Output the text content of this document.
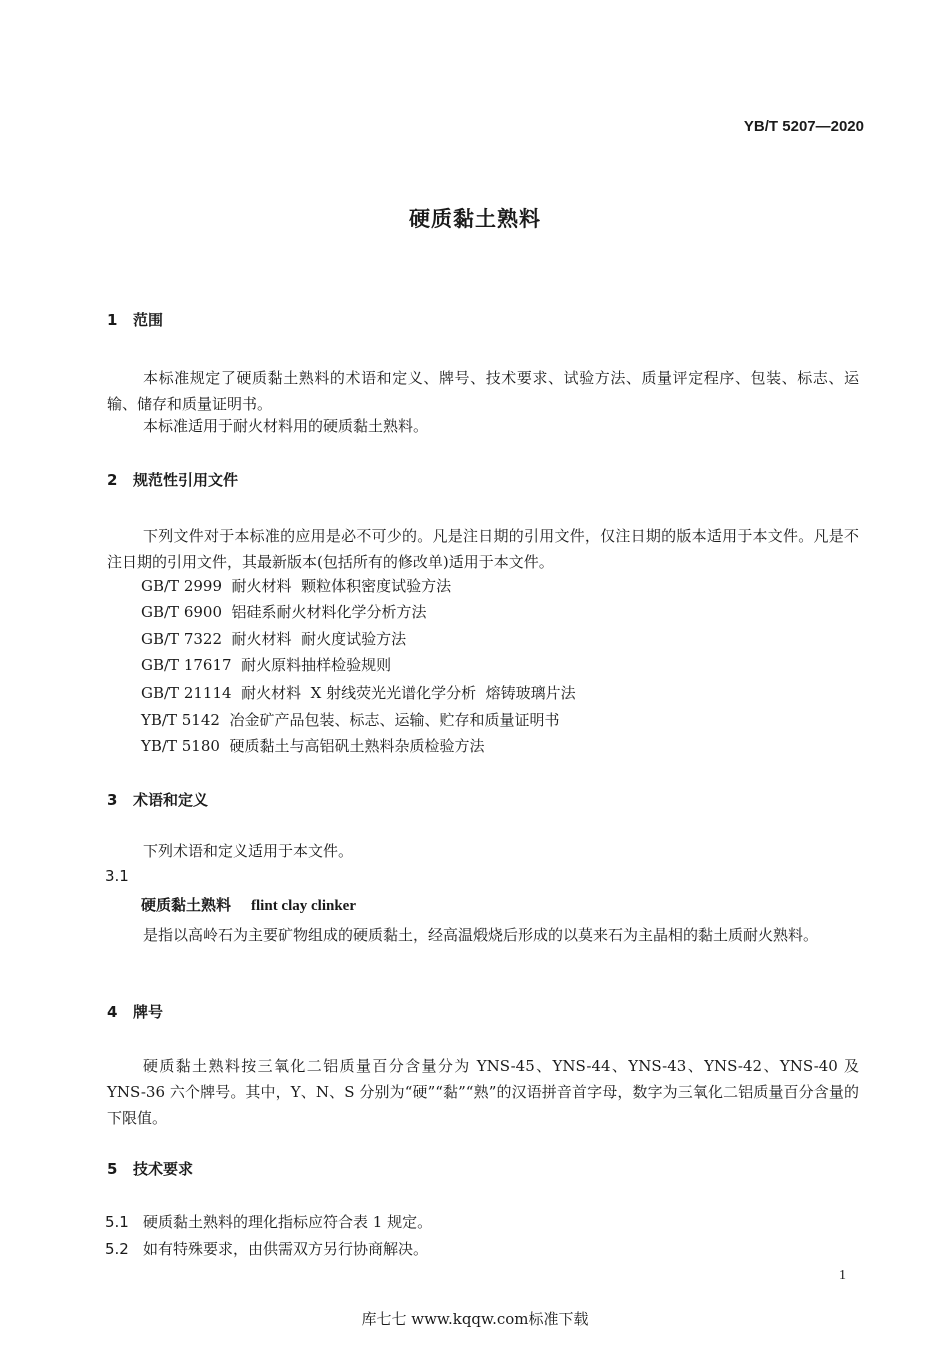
YB/T 5207—2020
硬质黏土熟料
1 范围
本标准规定了硬质黏土熟料的术语和定义、牌号、技术要求、试验方法、质量评定程序、包装、标志、运输、储存和质量证明书。
本标准适用于耐火材料用的硬质黏土熟料。
2 规范性引用文件
下列文件对于本标准的应用是必不可少的。凡是注日期的引用文件，仅注日期的版本适用于本文件。凡是不注日期的引用文件，其最新版本(包括所有的修改单)适用于本文件。
GB/T 2999  耐火材料  颗粒体积密度试验方法
GB/T 6900  铝硅系耐火材料化学分析方法
GB/T 7322  耐火材料  耐火度试验方法
GB/T 17617  耐火原料抽样检验规则
GB/T 21114  耐火材料  X 射线荧光光谱化学分析  熔铸玻璃片法
YB/T 5142  冶金矿产品包装、标志、运输、贮存和质量证明书
YB/T 5180  硬质黏土与高铝矾土熟料杂质检验方法
3 术语和定义
下列术语和定义适用于本文件。
3.1
硬质黏土熟料 flint clay clinker
是指以高岭石为主要矿物组成的硬质黏土，经高温煅烧后形成的以莫来石为主晶相的黏土质耐火熟料。
4 牌号
硬质黏土熟料按三氧化二铝质量百分含量分为 YNS-45、YNS-44、YNS-43、YNS-42、YNS-40 及 YNS-36 六个牌号。其中，Y、N、S 分别为“硬”“黏”“熟”的汉语拼音首字母，数字为三氧化二铝质量百分含量的下限值。
5 技术要求
5.1 硬质黏土熟料的理化指标应符合表 1 规定。
5.2 如有特殊要求，由供需双方另行协商解决。
1
库七七 www.kqqw.com标准下载
